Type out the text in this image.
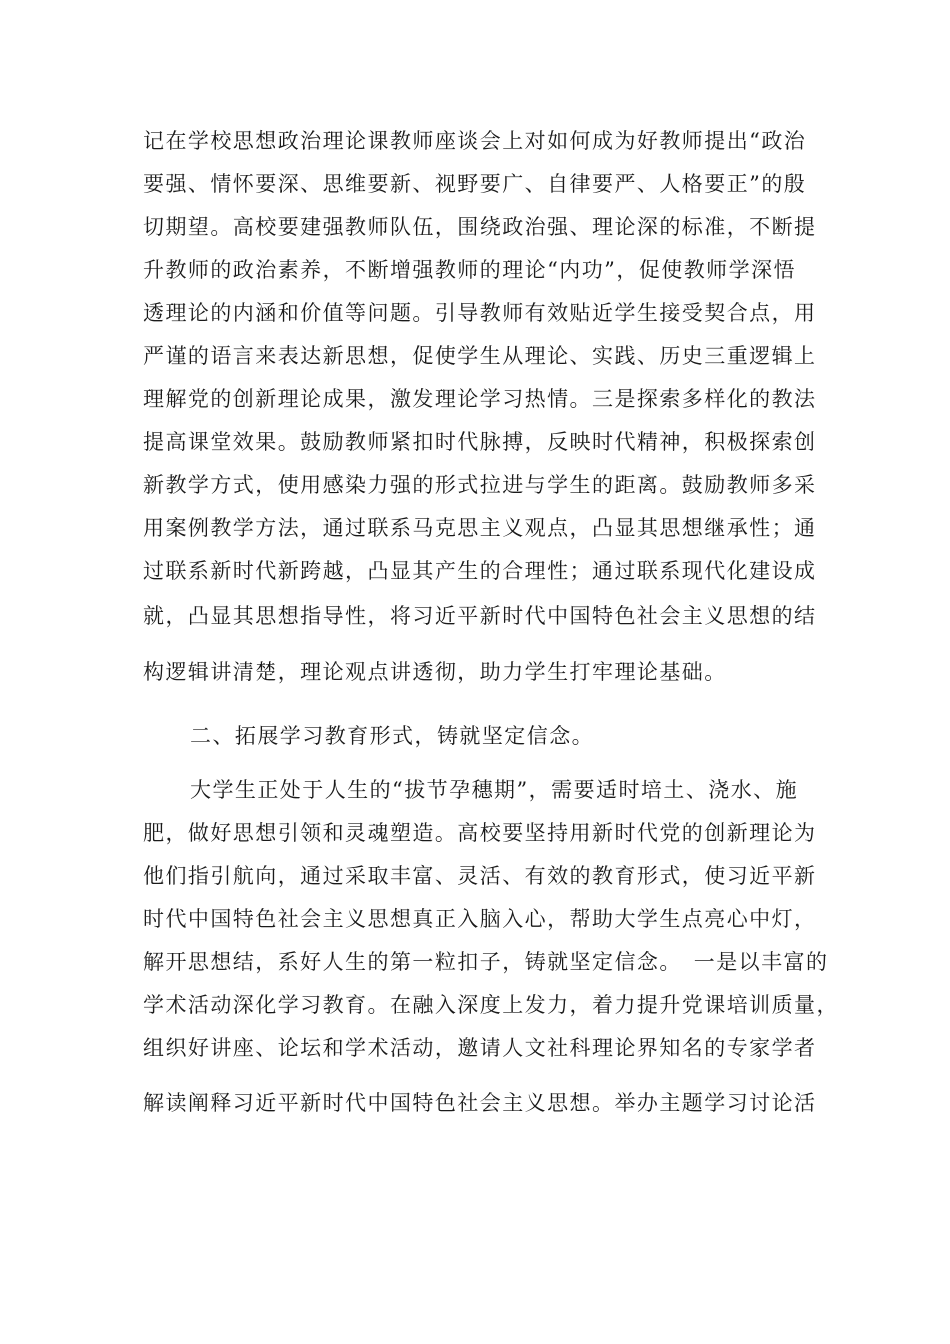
记在学校思想政治理论课教师座谈会上对如何成为好教师提出“政治
要强、情怀要深、思维要新、视野要广、自律要严、人格要正”的殷
切期望。高校要建强教师队伍，围绕政治强、理论深的标准，不断提
升教师的政治素养，不断增强教师的理论“内功”，促使教师学深悟
透理论的内涵和价值等问题。引导教师有效贴近学生接受契合点，用
严谨的语言来表达新思想，促使学生从理论、实践、历史三重逻辑上
理解党的创新理论成果，激发理论学习热情。三是探索多样化的教法
提高课堂效果。鼓励教师紧扣时代脉搏，反映时代精神，积极探索创
新教学方式，使用感染力强的形式拉进与学生的距离。鼓励教师多采
用案例教学方法，通过联系马克思主义观点，凸显其思想继承性；通
过联系新时代新跨越，凸显其产生的合理性；通过联系现代化建设成
就，凸显其思想指导性，将习近平新时代中国特色社会主义思想的结
构逻辑讲清楚，理论观点讲透彻，助力学生打牢理论基础。
二、拓展学习教育形式，铸就坚定信念。
大学生正处于人生的“拔节孕穗期”，需要适时培土、浇水、施
肥，做好思想引领和灵魂塑造。高校要坚持用新时代党的创新理论为
他们指引航向，通过采取丰富、灵活、有效的教育形式，使习近平新
时代中国特色社会主义思想真正入脑入心，帮助大学生点亮心中灯，
解开思想结，系好人生的第一粒扣子，铸就坚定信念。　一是以丰富的
学术活动深化学习教育。在融入深度上发力，着力提升党课培训质量，
组织好讲座、论坛和学术活动，邀请人文社科理论界知名的专家学者
解读阐释习近平新时代中国特色社会主义思想。举办主题学习讨论活
